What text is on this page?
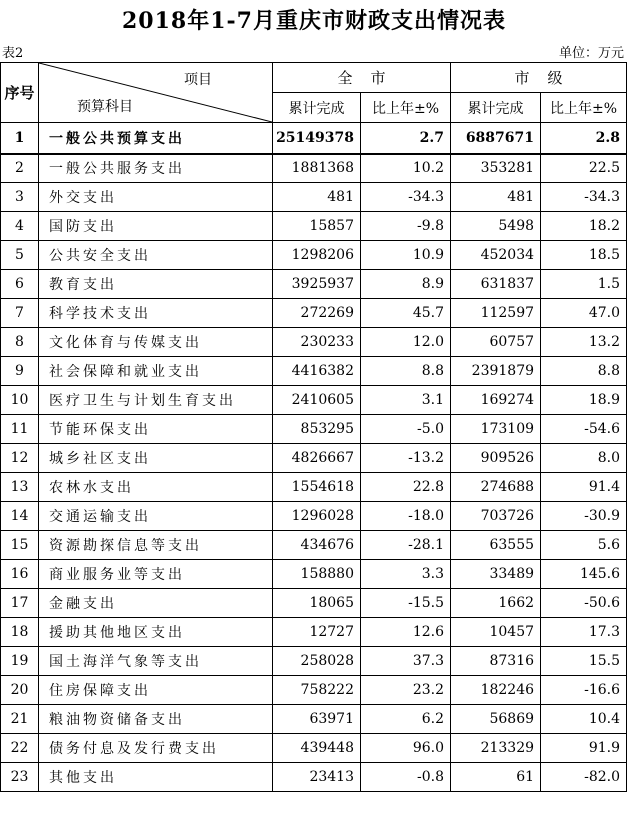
2018年1-7月重庆市财政支出情况表
表2	单位：万元
序号	项目
预算科目	全市		市级	
		累计完成	比上年±%	累计完成	比上年±%
1	一般公共预算支出	25149378	2.7	6887671	2.8
2	一般公共服务支出	1881368	10.2	353281	22.5
3	外交支出	481	-34.3	481	-34.3
4	国防支出	15857	-9.8	5498	18.2
5	公共安全支出	1298206	10.9	452034	18.5
6	教育支出	3925937	8.9	631837	1.5
7	科学技术支出	272269	45.7	112597	47.0
8	文化体育与传媒支出	230233	12.0	60757	13.2
9	社会保障和就业支出	4416382	8.8	2391879	8.8
10	医疗卫生与计划生育支出	2410605	3.1	169274	18.9
11	节能环保支出	853295	-5.0	173109	-54.6
12	城乡社区支出	4826667	-13.2	909526	8.0
13	农林水支出	1554618	22.8	274688	91.4
14	交通运输支出	1296028	-18.0	703726	-30.9
15	资源勘探信息等支出	434676	-28.1	63555	5.6
16	商业服务业等支出	158880	3.3	33489	145.6
17	金融支出	18065	-15.5	1662	-50.6
18	援助其他地区支出	12727	12.6	10457	17.3
19	国土海洋气象等支出	258028	37.3	87316	15.5
20	住房保障支出	758222	23.2	182246	-16.6
21	粮油物资储备支出	63971	6.2	56869	10.4
22	债务付息及发行费支出	439448	96.0	213329	91.9
23	其他支出	23413	-0.8	61	-82.0
